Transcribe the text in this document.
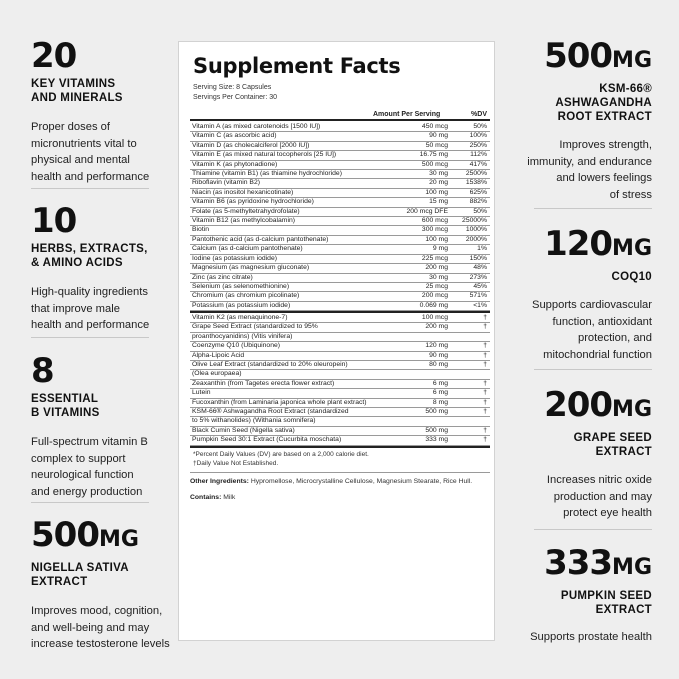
20
KEY VITAMINS
AND MINERALS
Proper doses of
micronutrients vital to
physical and mental
health and performance
10
HERBS, EXTRACTS,
& AMINO ACIDS
High-quality ingredients
that improve male
health and performance
8
ESSENTIAL
B VITAMINS
Full-spectrum vitamin B
complex to support
neurological function
and energy production
500MG
NIGELLA SATIVA
EXTRACT
Improves mood, cognition,
and well-being and may
increase testosterone levels
500MG
KSM-66®
ASHWAGANDHA
ROOT EXTRACT
Improves strength,
immunity, and endurance
and lowers feelings
of stress
120MG
COQ10
Supports cardiovascular
function, antioxidant
protection, and
mitochondrial function
200MG
GRAPE SEED
EXTRACT
Increases nitric oxide
production and may
protect eye health
333MG
PUMPKIN SEED
EXTRACT
Supports prostate health
Supplement Facts
Serving Size: 8 Capsules
Servings Per Container: 30
Amount Per Serving	%DV
Vitamin A (as mixed carotenoids [1500 IU])	450 mcg	50%
Vitamin C (as ascorbic acid)	90 mg	100%
Vitamin D (as cholecalciferol [2000 IU])	50 mcg	250%
Vitamin E (as mixed natural tocopherols [25 IU])	16.75 mg	112%
Vitamin K (as phytonadione)	500 mcg	417%
Thiamine (vitamin B1) (as thiamine hydrochloride)	30 mg	2500%
Riboflavin (vitamin B2)	20 mg	1538%
Niacin (as inositol hexanicotinate)	100 mg	625%
Vitamin B6 (as pyridoxine hydrochloride)	15 mg	882%
Folate (as 5-methyltetrahydrofolate)	200 mcg DFE	50%
Vitamin B12 (as methylcobalamin)	600 mcg	25000%
Biotin	300 mcg	1000%
Pantothenic acid (as d-calcium pantothenate)	100 mg	2000%
Calcium (as d-calcium pantothenate)	9 mg	1%
Iodine (as potassium iodide)	225 mcg	150%
Magnesium (as magnesium gluconate)	200 mg	48%
Zinc (as zinc citrate)	30 mg	273%
Selenium (as selenomethionine)	25 mcg	45%
Chromium (as chromium picolinate)	200 mcg	571%
Potassium (as potassium iodide)	0.069 mg	<1%
Vitamin K2 (as menaquinone-7)	100 mcg	†
Grape Seed Extract (standardized to 95%	200 mg	†
proanthocyanidins) (Vitis vinifera)		
Coenzyme Q10 (Ubiquinone)	120 mg	†
Alpha-Lipoic Acid	90 mg	†
Olive Leaf Extract (standardized to 20% oleuropein)	80 mg	†
(Olea europaea)		
Zeaxanthin (from Tagetes erecta flower extract)	6 mg	†
Lutein	6 mg	†
Fucoxanthin (from Laminaria japonica whole plant extract)	8 mg	†
KSM-66® Ashwagandha Root Extract (standardized	500 mg	†
to 5% withanolides) (Withania somnifera)		
Black Cumin Seed (Nigella sativa)	500 mg	†
Pumpkin Seed 30:1 Extract (Cucurbita moschata)	333 mg	†
*Percent Daily Values (DV) are based on a 2,000 calorie diet.
†Daily Value Not Established.
Other Ingredients: Hypromellose, Microcrystalline Cellulose, Magnesium Stearate, Rice Hull.
Contains: Milk
